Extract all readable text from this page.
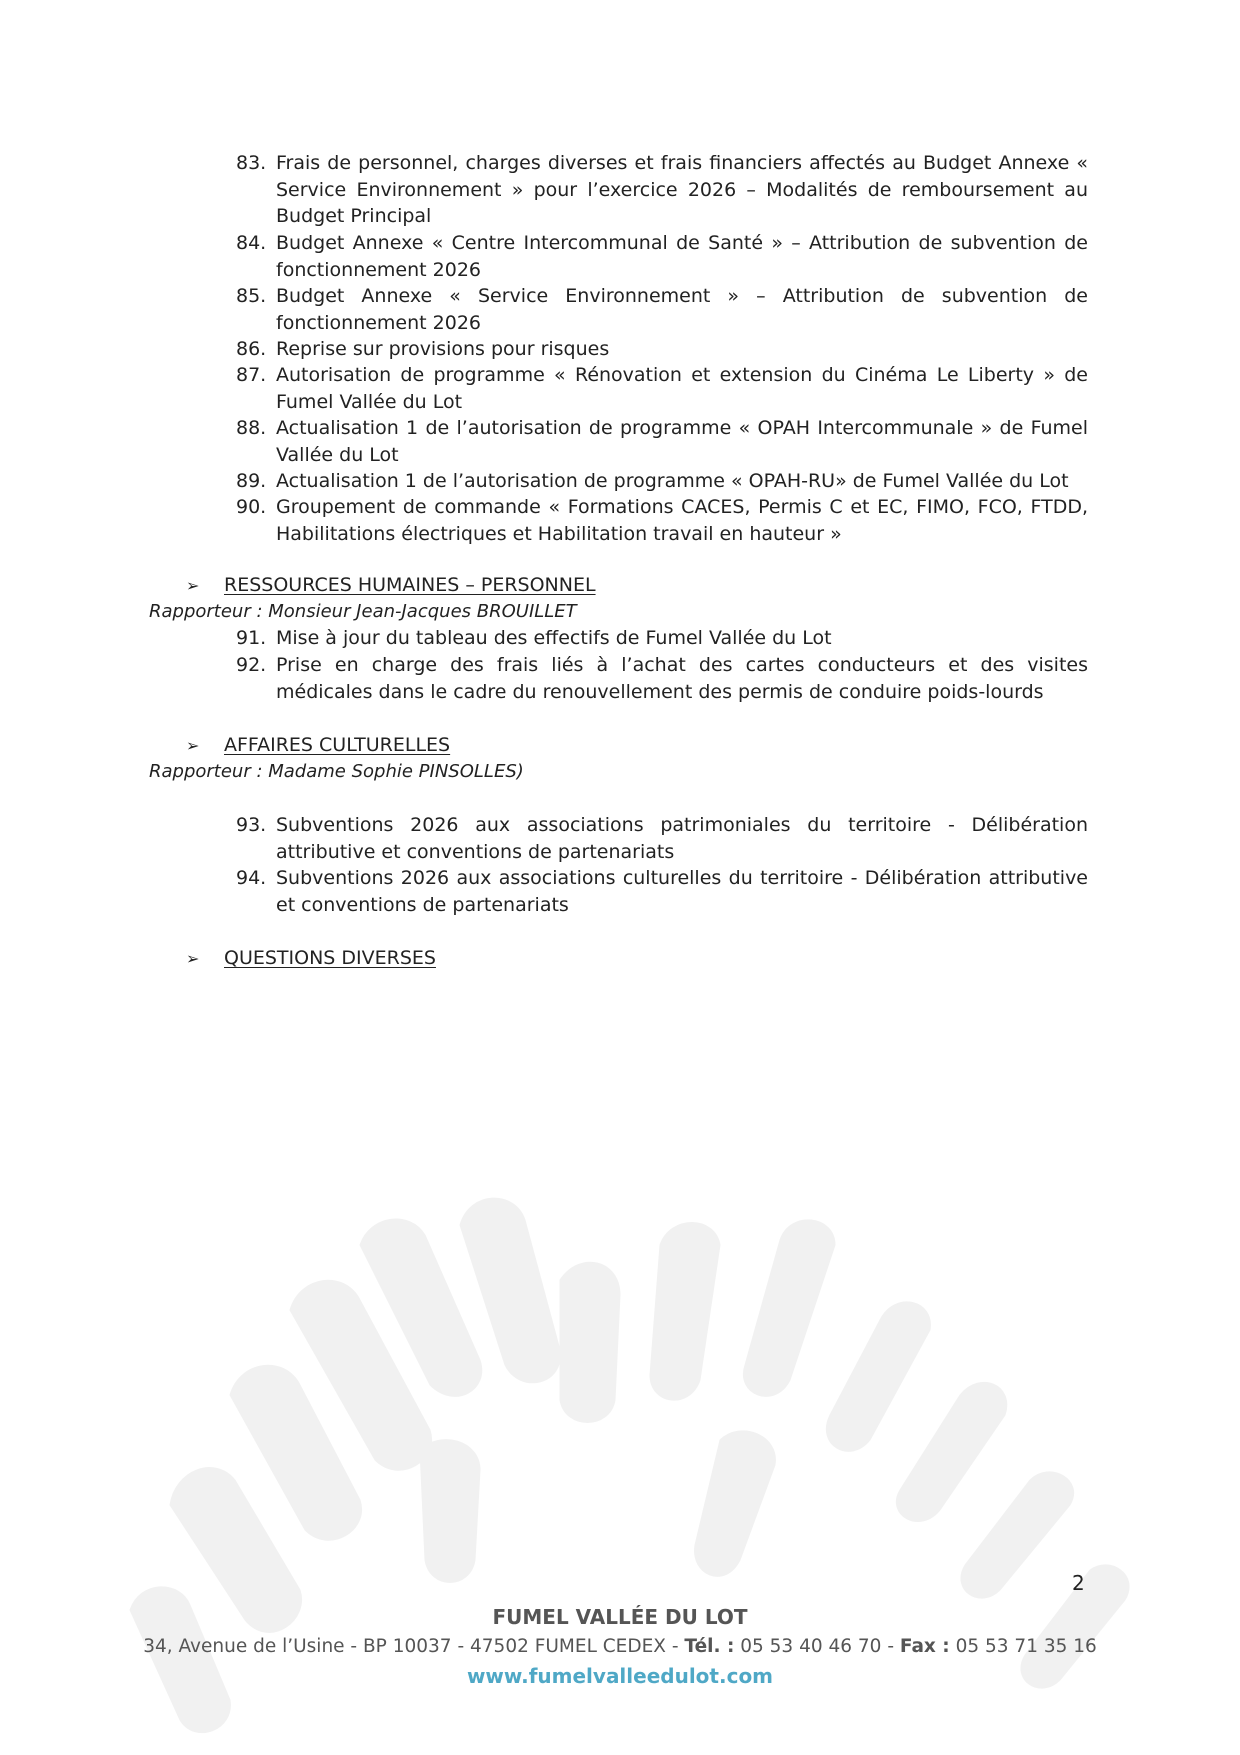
83. Frais de personnel, charges diverses et frais financiers affectés au Budget Annexe « Service Environnement » pour l’exercice 2026 – Modalités de remboursement au Budget Principal
84. Budget Annexe « Centre Intercommunal de Santé » – Attribution de subvention de fonctionnement 2026
85. Budget Annexe « Service Environnement » – Attribution de subvention de fonctionnement 2026
86. Reprise sur provisions pour risques
87. Autorisation de programme « Rénovation et extension du Cinéma Le Liberty » de Fumel Vallée du Lot
88. Actualisation 1 de l’autorisation de programme « OPAH Intercommunale » de Fumel Vallée du Lot
89. Actualisation 1 de l’autorisation de programme « OPAH-RU» de Fumel Vallée du Lot
90. Groupement de commande « Formations CACES, Permis C et EC, FIMO, FCO, FTDD, Habilitations électriques et Habilitation travail en hauteur »
➢ RESSOURCES HUMAINES – PERSONNEL
Rapporteur : Monsieur Jean-Jacques BROUILLET
91. Mise à jour du tableau des effectifs de Fumel Vallée du Lot
92. Prise en charge des frais liés à l’achat des cartes conducteurs et des visites médicales dans le cadre du renouvellement des permis de conduire poids-lourds
➢ AFFAIRES CULTURELLES
Rapporteur : Madame Sophie PINSOLLES)
93. Subventions 2026 aux associations patrimoniales du territoire - Délibération attributive et conventions de partenariats
94. Subventions 2026 aux associations culturelles du territoire - Délibération attributive et conventions de partenariats
➢ QUESTIONS DIVERSES
2
FUMEL VALLÉE DU LOT
34, Avenue de l’Usine - BP 10037 - 47502 FUMEL CEDEX - Tél. : 05 53 40 46 70 - Fax : 05 53 71 35 16
www.fumelvalleedulot.com
